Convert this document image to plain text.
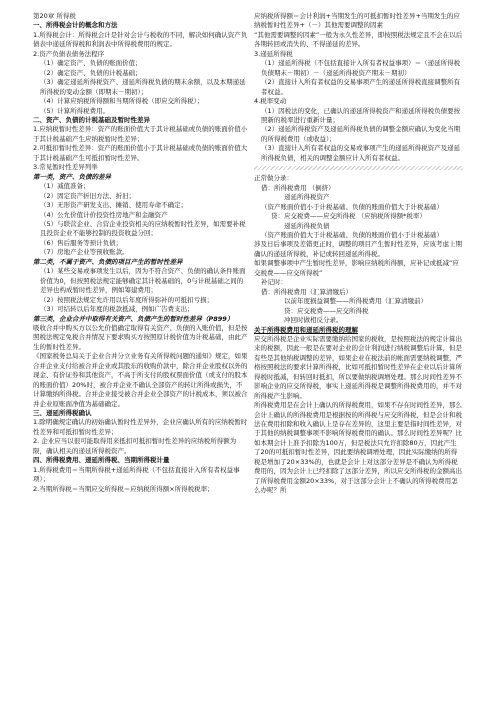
第20章 所得税

一、所得税会计的概念和方法

1.所得税会计：所得税会计是针对会计与税收的不同，解决如何确认资产负债表中递延所得税和利润表中所得税费用的规定。

2.资产负债表债务法程序

（1）确定资产、负债的账面价值；

（2）确定资产、负债的计税基础；

（3）确定递延所得税资产、递延所得税负债的期末余额，以及本期递延所得税的变动金额（即期末－期初）；

（4）计算应纳税所得额和当期所得税（即应交所得税）；

（5）计算所得税费用。

二、资产、负债的计税基础及暂时性差异

1.应纳税暂时性差异：资产的账面价值大于其计税基础或负债的账面价值小于其计税基础产生应纳税暂时性差异；

2.可抵扣暂时性差异：资产的账面价值小于其计税基础或负债的账面价值大于其计税基础产生可抵扣暂时性差异。

3.常见暂时性差异列举

第一类，资产、负债的差异

（1）减值准备；

（2）固定资产折旧方法、折旧；

（3）无形资产研发支出、摊销、使用寿命不确定；

（4）公允价值计价投资性房地产和金融资产

（5）与联营企业、合营企业投资相关的应纳税暂时性差异，如需要补税且投资企业不能够控制的投资收益分回；

（6）售后服务等预计负债；

（7）房地产企业等预收账款。

第二类，不属于资产、负债的项目产生的暂时性差异

（1）某些交易或事项发生以后，因为不符合资产、负债的确认条件账面价值为0，但按照税法规定能够确定其计税基础的，0与计税基础之间的差异也构成暂时性差异，例如筹建费用；

（2）按照税法规定允许用以后年度所得弥补的可抵扣亏损；

（3）可结转以后年度的税款抵减，例如广告费支出；

第三类，企业合并中取得有关资产、负债产生的暂时性差异（P899）

吸收合并中购买方以公允价值确定取得有关资产、负债的入账价值，但是按照税法规定免税合并情况下要求购买方按照原计税价值为计税基础，由此产生的暂时性差异。

《国家税务总局关于企业合并分立业务有关所得税问题的通知》规定，如果合并企业支付给被合并企业或其股东的收购价款中，除合并企业股权以外的现金、有价证券和其他资产，不高于所支付的股权票面价值（或支付的股本的账面价值）20%时，被合并企业不确认全部资产的转让所得或损失，不计算缴纳所得税。合并企业接受被合并企业全部资产的计税成本，须以被合并企业原账面净值为基础确定。

三、递延所得税确认

1.除明确规定确认的初始确认暂时性差异外，企业应确认所有的应纳税暂时性差异和可抵扣暂时性差异；

2. 企业应当以很可能取得用来抵扣可抵扣暂时性差异的应纳税所得额为限，确认相关的递延所得税资产。

四、所得税费用、递延所得税、当期所得税计量

1.所得税费用＝当期所得税+递延所得税（不包括直接计入所有者权益事项）；

2.当期所得税＝当期应交所得税＝应纳税所得额×所得税税率；

应纳税所得额＝会计利润+当期发生的可抵扣暂时性差异+当期发生的应纳税暂时性差异+（－）其他需要调整的因素

“其他需要调整的因素”一般为永久性差异，即按照税法规定且不会在以后各期转回或消失的、不得递延的差异。

3.递延所得税

（1）递延所得税（不包括直接计入所有者权益事项）＝（递延所得税负债期末－期初）－（递延所得税资产期末－期初）

（2）直接计入所有者权益的交易事项产生的递延所得税直接调整所有者权益。

4.税率变动

（1）因税法的变化，已确认的递延所得税资产和递延所得税负债要按照新的税率进行重新计量；

（2）递延所得税资产及递延所得税负债的调整金额应确认为变化当期的所得税费用（或收益）；

（3）直接计入所有者权益的交易或事项产生的递延所得税资产及递延所得税负债，相关的调整金额应计入所有者权益。

正常做分录：

借：所得税费用 （倒挤）

递延所得税资产

（资产账面价值小于计税基础、负债的账面价值大于计税基础）

贷：应交税费——应交所得税 （应纳税所得额*税率）

递延所得税负债

（资产账面价值大于计税基础、负债的账面价值小于计税基础）

涉及日后事项及差错更正时，调整的项目产生暂时性差异，应该考虑上期确认的递延所得税，补记或转回递延所得税。

如果调整事项中产生暂时性差异，影响应纳税所得额，应补记或抵减“应交税费——应交所得税”

补记时：

借：所得税费用（汇算清缴后）

以前年度损益调整——所得税费用（汇算清缴前）

贷：应交税费——应交所得税

冲回时做相反分录。

关于所得税费用和递延所得税的理解

应交所得税是企业实际需要缴纳给国家的税收，是按照税法的规定计算出来的税额，因此一般是在要对企业的会计利润进行纳税调整后计算，但是有些是其他纳税调整的差异，如果企业在税法前的帐面需要纳税调整，严格按照税法的要求计算所得税，比如可抵扣暂时性差异在企业以后计算所得税时抵减，但转回时抵扣，所以要做纳税调增处理。那么时间性差异不影响企业的应交所得税，事实上递延所得税是调整所得税费用的，并不对所得税产生影响。

所得税费用是在会计上确认的所得税费用，如果不存在时间性差异，那么会计上确认的所得税费用是根据按的所得税与应交所得税，但是会计和税法在费用扣除和收入确认上是存在差异的，这里主要是指时间性差异，对于其他的纳税调整事项不影响所得税费用的确认。那么时间性差异呢？比如本期会计上准予扣除为100万，但是税法只允许扣除80万，因此产生了20的可抵扣暂时性差异，因此要纳税调增处理，因此实际缴纳的所得税是增加了20×33%的，也就是会计上对这部分差异是不确认为所得税费用的，因为会计上已经扣除了这部分差异，所以应交所得税的金额高出了所得税费用金额20×33%，对于这部分会计上不确认的所得税费用怎么办呢？所
